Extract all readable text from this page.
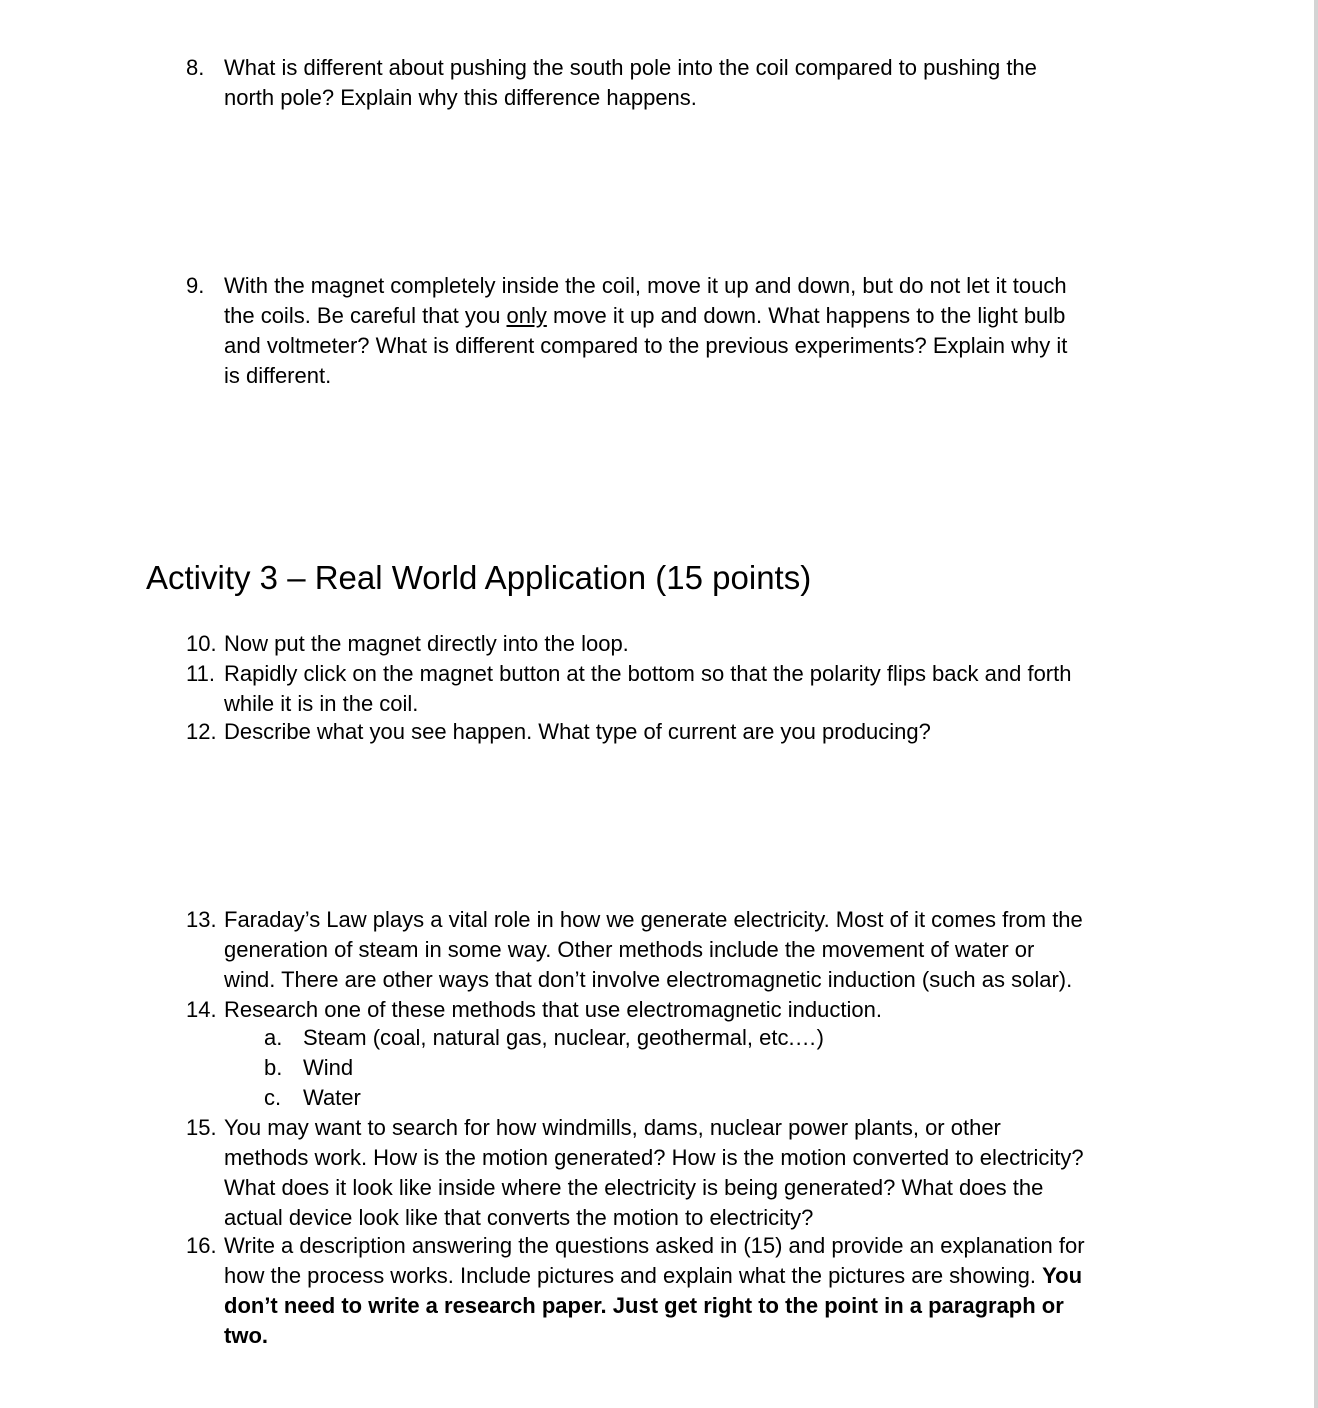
Activity 3 – Real World Application (15 points)
8. What is different about pushing the south pole into the coil compared to pushing the
north pole? Explain why this difference happens.
9. With the magnet completely inside the coil, move it up and down, but do not let it touch
the coils. Be careful that you only move it up and down. What happens to the light bulb
and voltmeter? What is different compared to the previous experiments? Explain why it
is different.
10. Now put the magnet directly into the loop.
11. Rapidly click on the magnet button at the bottom so that the polarity flips back and forth
while it is in the coil.
12. Describe what you see happen. What type of current are you producing?
13. Faraday’s Law plays a vital role in how we generate electricity. Most of it comes from the
generation of steam in some way. Other methods include the movement of water or
wind. There are other ways that don’t involve electromagnetic induction (such as solar).
14. Research one of these methods that use electromagnetic induction.
a. Steam (coal, natural gas, nuclear, geothermal, etc.…)
b. Wind
c. Water
15. You may want to search for how windmills, dams, nuclear power plants, or other
methods work. How is the motion generated? How is the motion converted to electricity?
What does it look like inside where the electricity is being generated? What does the
actual device look like that converts the motion to electricity?
16. Write a description answering the questions asked in (15) and provide an explanation for
how the process works. Include pictures and explain what the pictures are showing. You
don’t need to write a research paper. Just get right to the point in a paragraph or
two.
